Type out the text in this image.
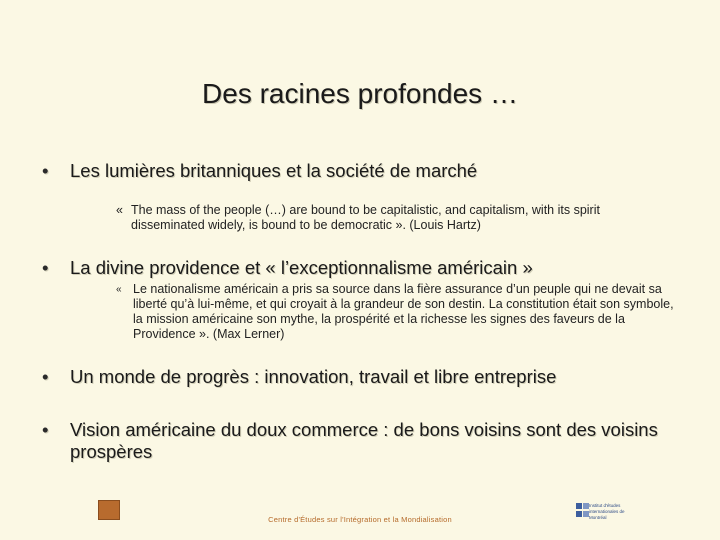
Des racines profondes …
• Les lumières britanniques et la société de marché
« The mass of the people (…) are bound to be capitalistic, and capitalism, with its spirit disseminated widely, is bound to be democratic ». (Louis Hartz)
• La divine providence et « l’exceptionnalisme américain »
« Le nationalisme américain a pris sa source dans la fière assurance d’un peuple qui ne devait sa liberté qu’à lui-même, et qui croyait à la grandeur de son destin. La constitution était son symbole, la mission américaine son mythe, la prospérité et la richesse les signes des faveurs de la Providence ». (Max Lerner)
• Un monde de progrès : innovation, travail et libre entreprise
• Vision américaine du doux commerce : de bons voisins sont des voisins prospères
Institut d'études internationales de Montréal
Centre d'Études sur l'Intégration et la Mondialisation
